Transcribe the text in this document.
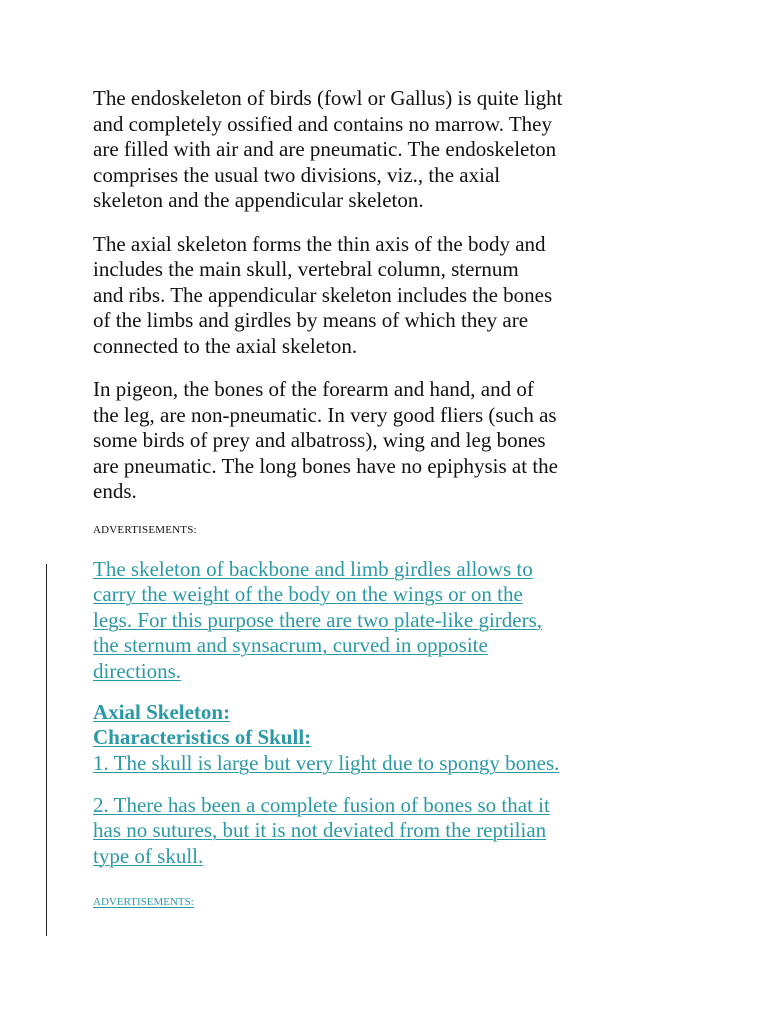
The endoskeleton of birds (fowl or Gallus) is quite light
and completely ossified and contains no marrow. They
are filled with air and are pneumatic. The endoskeleton
comprises the usual two divisions, viz., the axial
skeleton and the appendicular skeleton.

The axial skeleton forms the thin axis of the body and
includes the main skull, vertebral column, sternum
and ribs. The appendicular skeleton includes the bones
of the limbs and girdles by means of which they are
connected to the axial skeleton.

In pigeon, the bones of the forearm and hand, and of
the leg, are non-pneumatic. In very good fliers (such as
some birds of prey and albatross), wing and leg bones
are pneumatic. The long bones have no epiphysis at the
ends.

ADVERTISEMENTS:
The skeleton of backbone and limb girdles allows to
carry the weight of the body on the wings or on the
legs. For this purpose there are two plate-like girders,
the sternum and synsacrum, curved in opposite
directions.
Axial Skeleton:
Characteristics of Skull:
1. The skull is large but very light due to spongy bones.
2. There has been a complete fusion of bones so that it
has no sutures, but it is not deviated from the reptilian
type of skull.
ADVERTISEMENTS:
